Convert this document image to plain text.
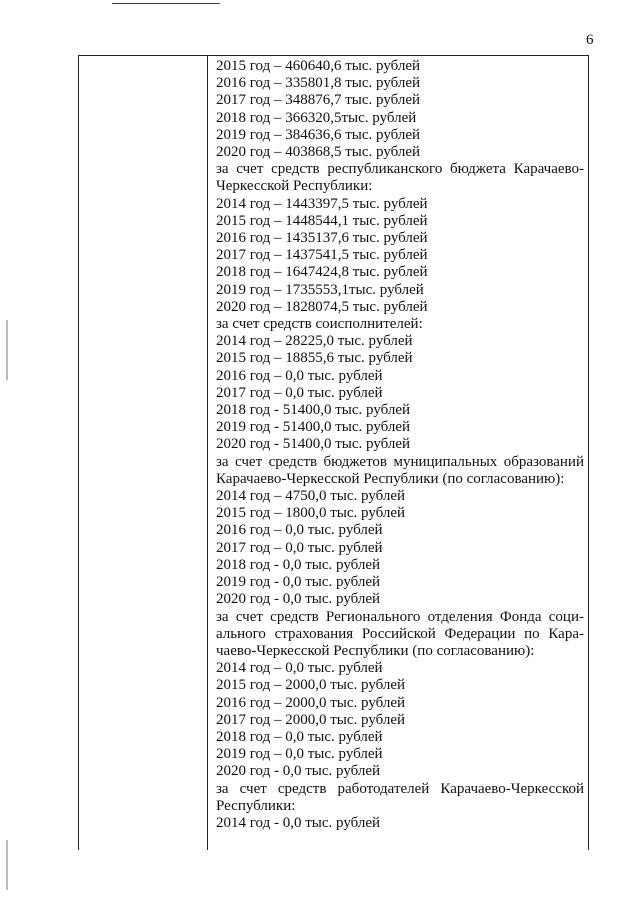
6
2015 год – 460640,6 тыс. рублей
2016 год – 335801,8 тыс. рублей
2017 год – 348876,7 тыс. рублей
2018 год – 366320,5тыс. рублей
2019 год – 384636,6 тыс. рублей
2020 год – 403868,5 тыс. рублей
за счет средств республиканского бюджета Карачаево-
Черкесской Республики:
2014 год – 1443397,5 тыс. рублей
2015 год – 1448544,1 тыс. рублей
2016 год – 1435137,6 тыс. рублей
2017 год – 1437541,5 тыс. рублей
2018 год – 1647424,8 тыс. рублей
2019 год – 1735553,1тыс. рублей
2020 год – 1828074,5 тыс. рублей
за счет средств соисполнителей:
2014 год – 28225,0 тыс. рублей
2015 год – 18855,6 тыс. рублей
2016 год – 0,0 тыс. рублей
2017 год – 0,0 тыс. рублей
2018 год - 51400,0 тыс. рублей
2019 год - 51400,0 тыс. рублей
2020 год - 51400,0 тыс. рублей
за счет средств бюджетов муниципальных образований
Карачаево-Черкесской Республики (по согласованию):
2014 год – 4750,0 тыс. рублей
2015 год – 1800,0 тыс. рублей
2016 год – 0,0 тыс. рублей
2017 год – 0,0 тыс. рублей
2018 год - 0,0 тыс. рублей
2019 год - 0,0 тыс. рублей
2020 год - 0,0 тыс. рублей
за счет средств Регионального отделения Фонда соци-
ального страхования Российской Федерации по Кара-
чаево-Черкесской Республики (по согласованию):
2014 год – 0,0 тыс. рублей
2015 год – 2000,0 тыс. рублей
2016 год – 2000,0 тыс. рублей
2017 год – 2000,0 тыс. рублей
2018 год – 0,0 тыс. рублей
2019 год – 0,0 тыс. рублей
2020 год - 0,0 тыс. рублей
за счет средств работодателей Карачаево-Черкесской
Республики:
2014 год - 0,0 тыс. рублей
